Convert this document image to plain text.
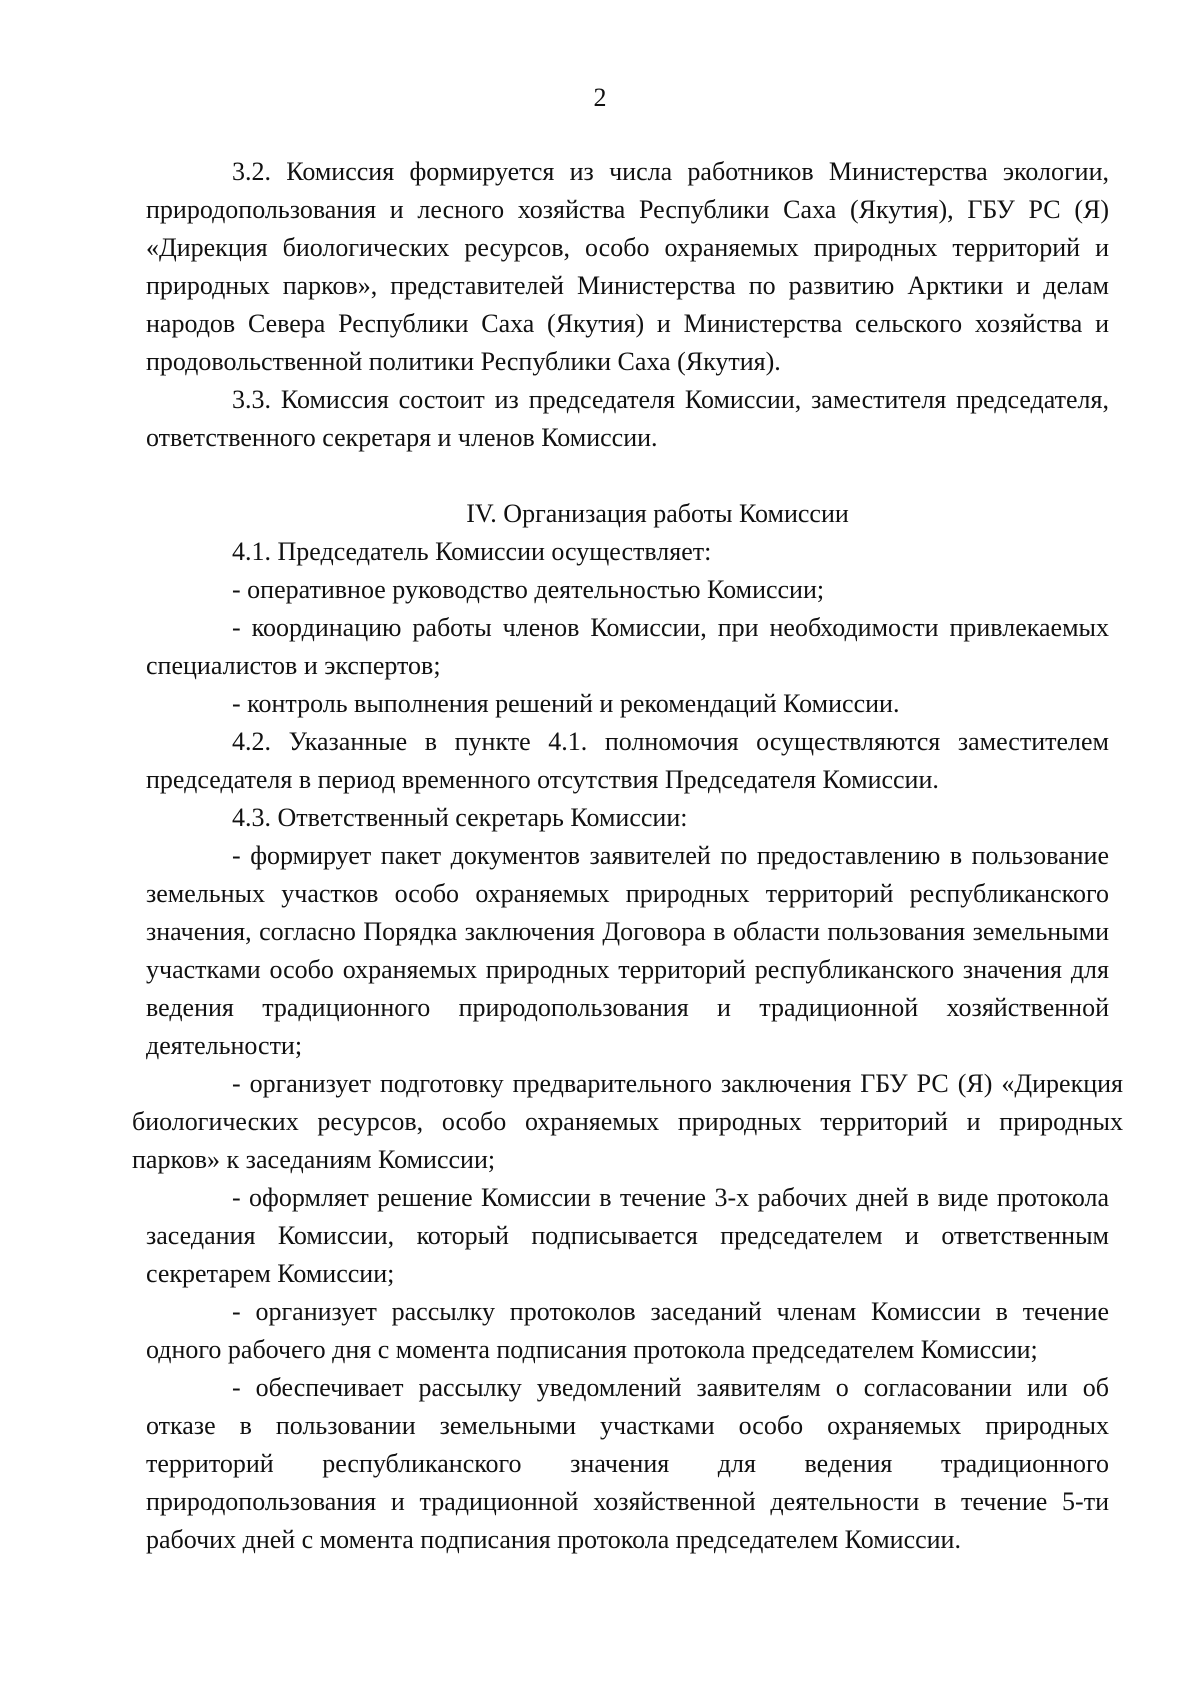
2

3.2. Комиссия формируется из числа работников Министерства экологии, природопользования и лесного хозяйства Республики Саха (Якутия), ГБУ РС (Я) «Дирекция биологических ресурсов, особо охраняемых природных территорий и природных парков», представителей Министерства по развитию Арктики и делам народов Севера Республики Саха (Якутия) и Министерства сельского хозяйства и продовольственной политики Республики Саха (Якутия).

3.3. Комиссия состоит из председателя Комиссии, заместителя председателя, ответственного секретаря и членов Комиссии.

IV. Организация работы Комиссии

4.1. Председатель Комиссии осуществляет:

- оперативное руководство деятельностью Комиссии;

- координацию работы членов Комиссии, при необходимости привлекаемых специалистов и экспертов;

- контроль выполнения решений и рекомендаций Комиссии.

4.2. Указанные в пункте 4.1. полномочия осуществляются заместителем председателя в период временного отсутствия Председателя Комиссии.

4.3. Ответственный секретарь Комиссии:

- формирует пакет документов заявителей по предоставлению в пользование земельных участков особо охраняемых природных территорий республиканского значения, согласно Порядка заключения Договора в области пользования земельными участками особо охраняемых природных территорий республиканского значения для ведения традиционного природопользования и традиционной хозяйственной деятельности;

- организует подготовку предварительного заключения ГБУ РС (Я) «Дирекция биологических ресурсов, особо охраняемых природных территорий и природных парков» к заседаниям Комиссии;

- оформляет решение Комиссии в течение 3-х рабочих дней в виде протокола заседания Комиссии, который подписывается председателем и ответственным секретарем Комиссии;

- организует рассылку протоколов заседаний членам Комиссии в течение одного рабочего дня с момента подписания протокола председателем Комиссии;

- обеспечивает рассылку уведомлений заявителям о согласовании или об отказе в пользовании земельными участками особо охраняемых природных территорий республиканского значения для ведения традиционного природопользования и традиционной хозяйственной деятельности в течение 5-ти рабочих дней с момента подписания протокола председателем Комиссии.
